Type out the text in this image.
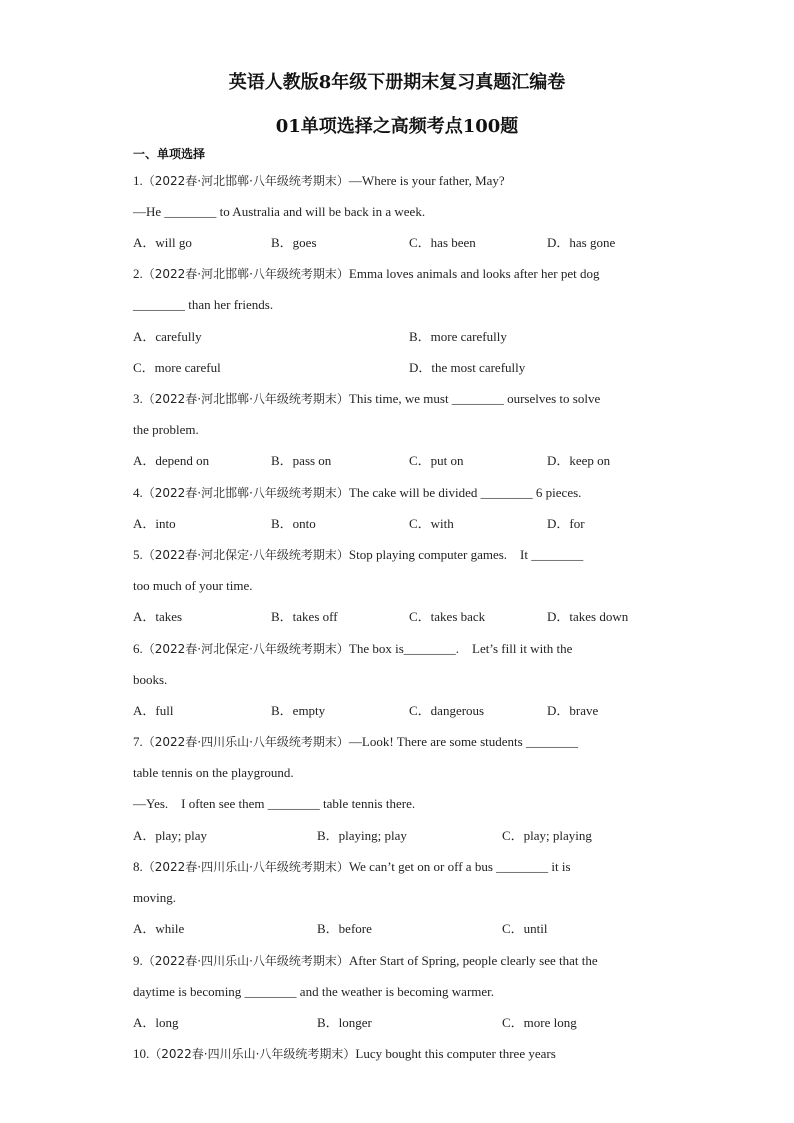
英语人教版8年级下册期末复习真题汇编卷
01单项选择之高频考点100题
一、单项选择
1.（2022春·河北邯郸·八年级统考期末）—Where is your father, May?
—He ________ to Australia and will be back in a week.
A．will go	B．goes	C．has been	D．has gone
2.（2022春·河北邯郸·八年级统考期末）Emma loves animals and looks after her pet dog
________ than her friends.
A．carefully	B．more carefully
C．more careful	D．the most carefully
3.（2022春·河北邯郸·八年级统考期末）This time, we must ________ ourselves to solve
the problem.
A．depend on	B．pass on	C．put on	D．keep on
4.（2022春·河北邯郸·八年级统考期末）The cake will be divided ________ 6 pieces.
A．into	B．onto	C．with	D．for
5.（2022春·河北保定·八年级统考期末）Stop playing computer games.　It ________
too much of your time.
A．takes	B．takes off	C．takes back	D．takes down
6.（2022春·河北保定·八年级统考期末）The box is________.　Let’s fill it with the
books.
A．full	B．empty	C．dangerous	D．brave
7.（2022春·四川乐山·八年级统考期末）—Look! There are some students ________
table tennis on the playground.
—Yes.　I often see them ________ table tennis there.
A．play; play	B．playing; play	C．play; playing
8.（2022春·四川乐山·八年级统考期末）We can’t get on or off a bus ________ it is
moving.
A．while	B．before	C．until
9.（2022春·四川乐山·八年级统考期末）After Start of Spring, people clearly see that the
daytime is becoming ________ and the weather is becoming warmer.
A．long	B．longer	C．more long
10.（2022春·四川乐山·八年级统考期末）Lucy bought this computer three years
